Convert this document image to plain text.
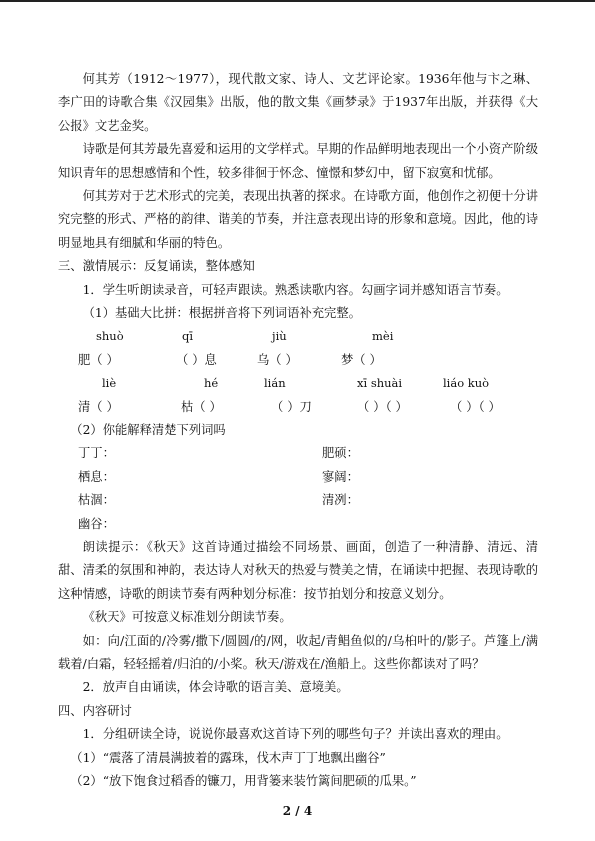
何其芳（1912～1977），现代散文家、诗人、文艺评论家。1936年他与卞之琳、李广田的诗歌合集《汉园集》出版，他的散文集《画梦录》于1937年出版，并获得《大公报》文艺金奖。

诗歌是何其芳最先喜爱和运用的文学样式。早期的作品鲜明地表现出一个小资产阶级知识青年的思想感情和个性，较多徘徊于怀念、憧憬和梦幻中，留下寂寞和忧郁。

何其芳对于艺术形式的完美，表现出执著的探求。在诗歌方面，他创作之初便十分讲究完整的形式、严格的韵律、谐美的节奏，并注意表现出诗的形象和意境。因此，他的诗明显地具有细腻和华丽的特色。

三、激情展示：反复诵读，整体感知

1．学生听朗读录音，可轻声跟读。熟悉读歌内容。勾画字词并感知语言节奏。

（1）基础大比拼：根据拼音将下列词语补充完整。

shuò	qī	jiù	mèi
肥（ ）	（ ）息	乌（ ）	梦（ ）
liè	hé	lián	xī shuài	liáo kuò
清（ ）	枯（ ）	（ ）刀	（ ）（ ）	（ ）（ ）

（2）你能解释清楚下列词吗

丁丁：	肥硕：
栖息：	寥阔：
枯涸：	清冽：
幽谷：

朗读提示：《秋天》这首诗通过描绘不同场景、画面，创造了一种清静、清远、清甜、清柔的氛围和神韵，表达诗人对秋天的热爱与赞美之情，在诵读中把握、表现诗歌的这种情感，诗歌的朗读节奏有两种划分标准：按节拍划分和按意义划分。

《秋天》可按意义标准划分朗读节奏。

如：向/江面的/冷雾/撒下/圆圆/的/网，收起/青鲳鱼似的/乌桕叶的/影子。芦篷上/满载着/白霜，轻轻摇着/归泊的/小桨。秋天/游戏在/渔船上。这些你都读对了吗？

2．放声自由诵读，体会诗歌的语言美、意境美。

四、内容研讨

1．分组研读全诗，说说你最喜欢这首诗下列的哪些句子？并读出喜欢的理由。

（1）“震落了清晨满披着的露珠，伐木声丁丁地飘出幽谷”

（2）“放下饱食过稻香的镰刀，用背篓来装竹篱间肥硕的瓜果。”

2 / 4
